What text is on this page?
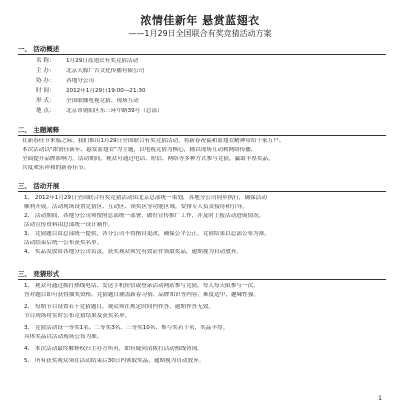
浓情佳新年 悬赏蓝翅衣
——1月29日全国联合有奖竞猜活动方案
一、 活动概述
名 称：	1月29日蓝翅衣有奖竞猜活动
主 办：	北京天源广告文化传播有限公司
协 办：	各地分公司
时 间：	2012年1月29日19:00—21:30
形 式：	全国联播电视竞猜、现场互动
地 点：	北京市朝阳区东三环中路39号（总部）
二、 主题阐释
在新春佳节来临之际，我们推出1月29日全国联合有奖竞猜活动，将新春祝福和蓝翅衣精神带给千家万户。
本次活动以"浓情佳新年、悬赏蓝翅衣"为主题，以电视竞猜为核心，辅以现场互动和网络传播，
全面提升品牌影响力。活动期间，观众可通过电话、短信、网络等多种方式参与竞猜，赢取丰厚奖品，
共度欢乐祥和的新春佳节。
三、 活动开展
1、 2012年1月29日全国联合有奖竞猜活动由北京总部统一策划，各地分公司同步执行，确保活动
顺利开展。活动现场设置竞猜区、互动区、领奖区等功能区域，安排专人负责接待和引导。
2、 活动期间，各地分公司须按照总部统一部署，做好宣传推广工作，并及时上报活动进展情况。
活动宣传资料由总部统一设计制作。
3、 竞猜题目由总部统一提供，各分公司不得擅自更改，确保公平公正，竞猜结果以总部公布为准。
活动结束后统一公布获奖名单。
4、 奖品发放由各地分公司负责，获奖观众须凭有效证件领取奖品，逾期视为自动放弃。
三、 竞猜形式
1、 观众可通过拨打热线电话、发送手机短信或登录活动网站参与竞猜，每人每天限参与一次，
答对题目即可获得抽奖资格。竞猜题目涵盖新春习俗、品牌知识等内容，难度适中，趣味性强。
2、 每期节目设置若干竞猜题目，观众须在规定时间内作答，逾期作答无效。
节目现场将实时公布竞猜结果及获奖名单。
3、 竞猜活动设一等奖1名、二等奖3名、三等奖10名、参与奖若干名，奖品丰厚。
具体奖品以活动现场公布为准。
4、 本次活动最终解释权归主办方所有，如有疑问请拨打活动热线咨询。
5、 所有获奖观众须在活动结束后30日内领取奖品，逾期视为自动放弃。
1
